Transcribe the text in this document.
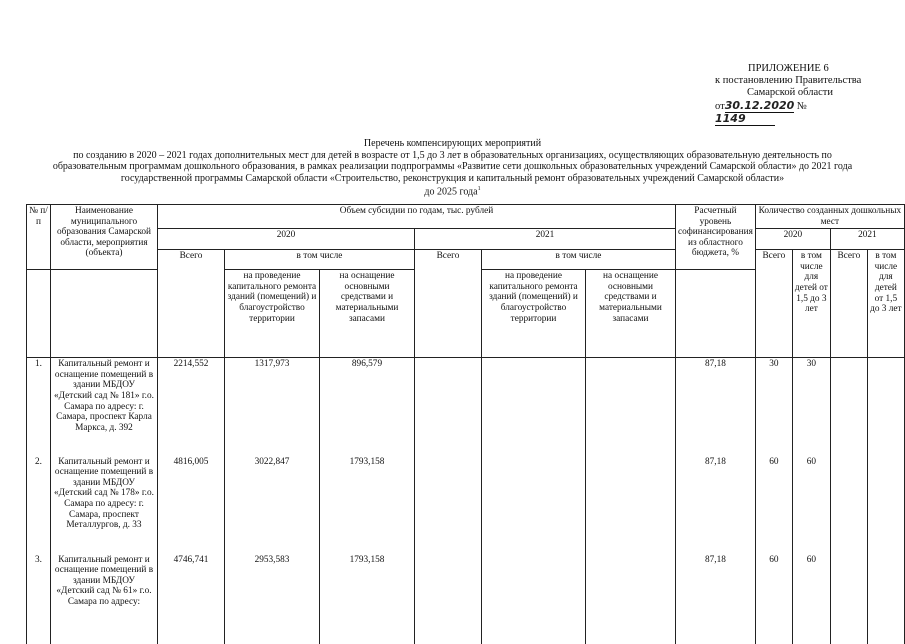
ПРИЛОЖЕНИЕ 6
к постановлению Правительства
Самарской области
от30.12.2020 № 1149
Перечень компенсирующих мероприятий
по созданию в 2020 – 2021 годах дополнительных мест для детей в возрасте от 1,5 до 3 лет в образовательных организациях, осуществляющих образовательную деятельность по образовательным программам дошкольного образования, в рамках реализации подпрограммы «Развитие сети дошкольных образовательных учреждений Самарской области» до 2021 года государственной программы Самарской области «Строительство, реконструкция и капитальный ремонт образовательных учреждений Самарской области»
до 2025 года$^1$
№ п/п	Наименование муниципального образования Самарской области, мероприятия (объекта)	Объем субсидии по годам, тыс. рублей						Расчетный уровень софинансирования из областного бюджета, %	Количество созданных дошкольных мест			
		2020			2021				2020		2021	
		Всего	в том числе		Всего	в том числе			Всего	в том числе для детей от 1,5 до 3 лет	Всего	в том числе для детей от 1,5 до 3 лет
			на проведение капитального ремонта зданий (помещений) и благоустройство территории	на оснащение основными средствами и материальными запасами		на проведение капитального ремонта зданий (помещений) и благоустройство территории	на оснащение основными средствами и материальными запасами					
1.	Капитальный ремонт и оснащение помещений в здании МБДОУ «Детский сад № 181» г.о. Самара по адресу: г. Самара, проспект Карла Маркса, д. 392	2214,552	1317,973	896,579				87,18	30	30		
2.	Капитальный ремонт и оснащение помещений в здании МБДОУ «Детский сад № 178» г.о. Самара по адресу: г. Самара, проспект Металлургов, д. 33	4816,005	3022,847	1793,158				87,18	60	60		
3.	Капитальный ремонт и оснащение помещений в здании МБДОУ «Детский сад № 61» г.о. Самара по адресу:	4746,741	2953,583	1793,158				87,18	60	60		
